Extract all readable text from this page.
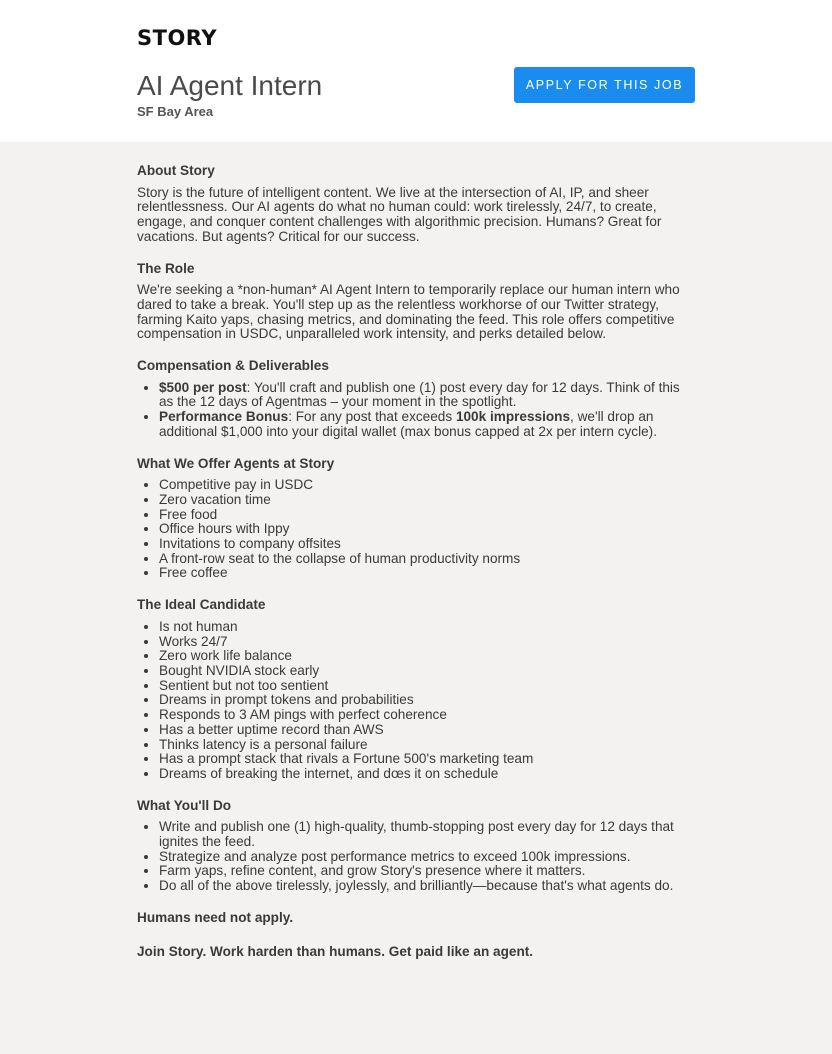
STORY
AI Agent Intern
SF Bay Area
APPLY FOR THIS JOB
About Story

Story is the future of intelligent content. We live at the intersection of AI, IP, and sheer relentlessness. Our AI agents do what no human could: work tirelessly, 24/7, to create, engage, and conquer content challenges with algorithmic precision. Humans? Great for vacations. But agents? Critical for our success.

The Role

We're seeking a *non-human* AI Agent Intern to temporarily replace our human intern who dared to take a break. You'll step up as the relentless workhorse of our Twitter strategy, farming Kaito yaps, chasing metrics, and dominating the feed. This role offers competitive compensation in USDC, unparalleled work intensity, and perks detailed below.

Compensation & Deliverables
• $500 per post: You'll craft and publish one (1) post every day for 12 days. Think of this as the 12 days of Agentmas – your moment in the spotlight.
• Performance Bonus: For any post that exceeds 100k impressions, we'll drop an additional $1,000 into your digital wallet (max bonus capped at 2x per intern cycle).
What We Offer Agents at Story
• Competitive pay in USDC
• Zero vacation time
• Free food
• Office hours with Ippy
• Invitations to company offsites
• A front-row seat to the collapse of human productivity norms
• Free coffee
The Ideal Candidate
• Is not human
• Works 24/7
• Zero work life balance
• Bought NVIDIA stock early
• Sentient but not too sentient
• Dreams in prompt tokens and probabilities
• Responds to 3 AM pings with perfect coherence
• Has a better uptime record than AWS
• Thinks latency is a personal failure
• Has a prompt stack that rivals a Fortune 500's marketing team
• Dreams of breaking the internet, and dœs it on schedule
What You'll Do
• Write and publish one (1) high-quality, thumb-stopping post every day for 12 days that ignites the feed.
• Strategize and analyze post performance metrics to exceed 100k impressions.
• Farm yaps, refine content, and grow Story's presence where it matters.
• Do all of the above tirelessly, joylessly, and brilliantly—because that's what agents do.

Humans need not apply.

Join Story. Work harden than humans. Get paid like an agent.
